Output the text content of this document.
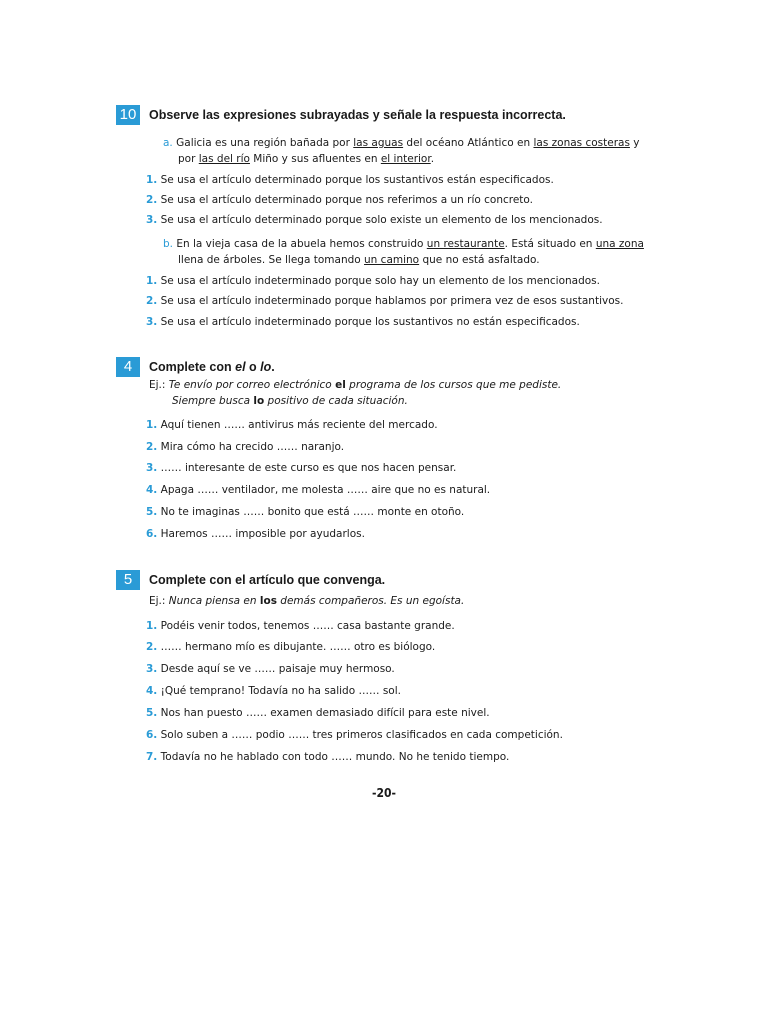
10 Observe las expresiones subrayadas y señale la respuesta incorrecta.
a. Galicia es una región bañada por las aguas del océano Atlántico en las zonas costeras y
por las del río Miño y sus afluentes en el interior.
1. Se usa el artículo determinado porque los sustantivos están especificados.
2. Se usa el artículo determinado porque nos referimos a un río concreto.
3. Se usa el artículo determinado porque solo existe un elemento de los mencionados.
b. En la vieja casa de la abuela hemos construido un restaurante. Está situado en una zona
llena de árboles. Se llega tomando un camino que no está asfaltado.
1. Se usa el artículo indeterminado porque solo hay un elemento de los mencionados.
2. Se usa el artículo indeterminado porque hablamos por primera vez de esos sustantivos.
3. Se usa el artículo indeterminado porque los sustantivos no están especificados.
4	Complete con el o lo.
Ej.: Te envío por correo electrónico el programa de los cursos que me pediste.
Siempre busca lo positivo de cada situación.
1. Aquí tienen …… antivirus más reciente del mercado.
2. Mira cómo ha crecido …… naranjo.
3. …… interesante de este curso es que nos hacen pensar.
4. Apaga …… ventilador, me molesta …… aire que no es natural.
5. No te imaginas …… bonito que está …… monte en otoño.
6. Haremos …… imposible por ayudarlos.
5	Complete con el artículo que convenga.
Ej.: Nunca piensa en los demás compañeros. Es un egoísta.
1. Podéis venir todos, tenemos …… casa bastante grande.
2. …… hermano mío es dibujante. …… otro es biólogo.
3. Desde aquí se ve …… paisaje muy hermoso.
4. ¡Qué temprano! Todavía no ha salido …… sol.
5. Nos han puesto …… examen demasiado difícil para este nivel.
6. Solo suben a …… podio …… tres primeros clasificados en cada competición.
7. Todavía no he hablado con todo …… mundo. No he tenido tiempo.
-20-
